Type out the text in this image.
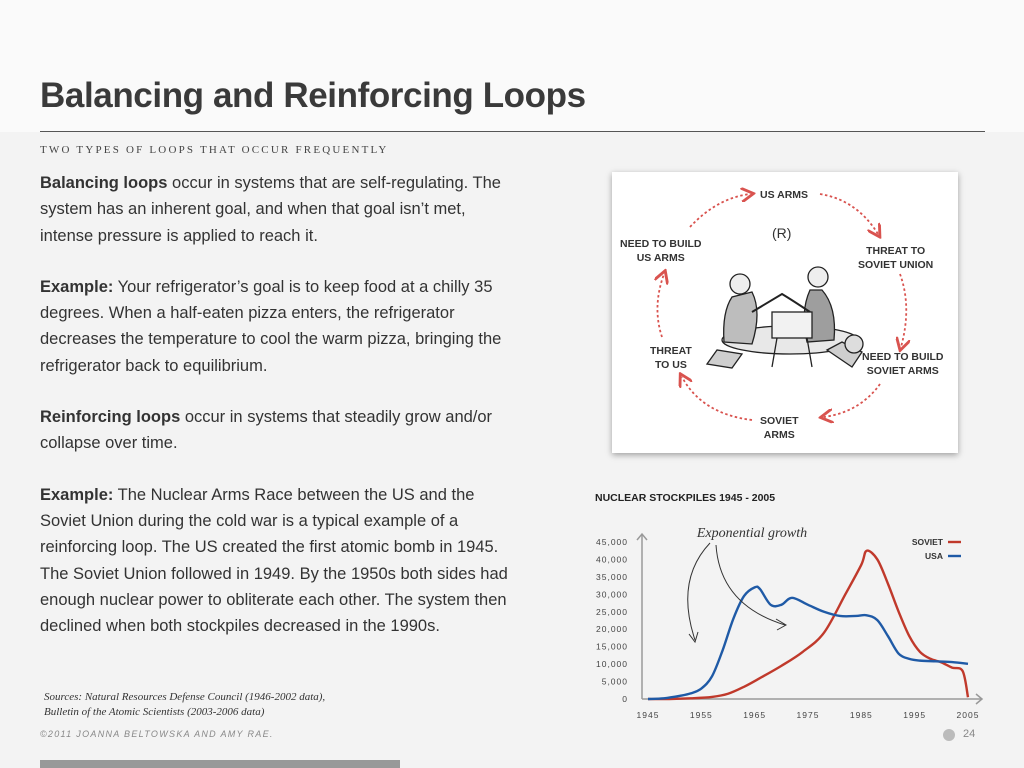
Balancing and Reinforcing Loops
TWO TYPES OF LOOPS THAT OCCUR FREQUENTLY

Balancing loops occur in systems that are self-regulating. The system has an inherent goal, and when that goal isn’t met, intense pressure is applied to reach it.

Example: Your refrigerator’s goal is to keep food at a chilly 35 degrees. When a half-eaten pizza enters, the refrigerator decreases the temperature to cool the warm pizza, bringing the refrigerator back to equilibrium.

Reinforcing loops occur in systems that steadily grow and/or collapse over time.

Example: The Nuclear Arms Race between the US and the Soviet Union during the cold war is a typical example of a reinforcing loop. The US created the first atomic bomb in 1945. The Soviet Union followed in 1949. By the 1950s both sides had enough nuclear power to obliterate each other. The system then declined when both stockpiles decreased in the 1990s.

Sources: Natural Resources Defense Council (1946-2002 data),
Bulletin of the Atomic Scientists (2003-2006 data)
(R)
US ARMS
THREAT TO
SOVIET UNION
NEED TO BUILD
SOVIET ARMS
SOVIET
ARMS
THREAT
TO US
NEED TO BUILD
US ARMS
NUCLEAR STOCKPILES 1945 - 2005
0
5,000
10,000
15,000
20,000
25,000
30,000
35,000
40,000
45,000
1945	1955	1965	1975	1985	1995	2005
SOVIET
USA
Exponential growth
©2011 JOANNA BELTOWSKA AND AMY RAE.	24
